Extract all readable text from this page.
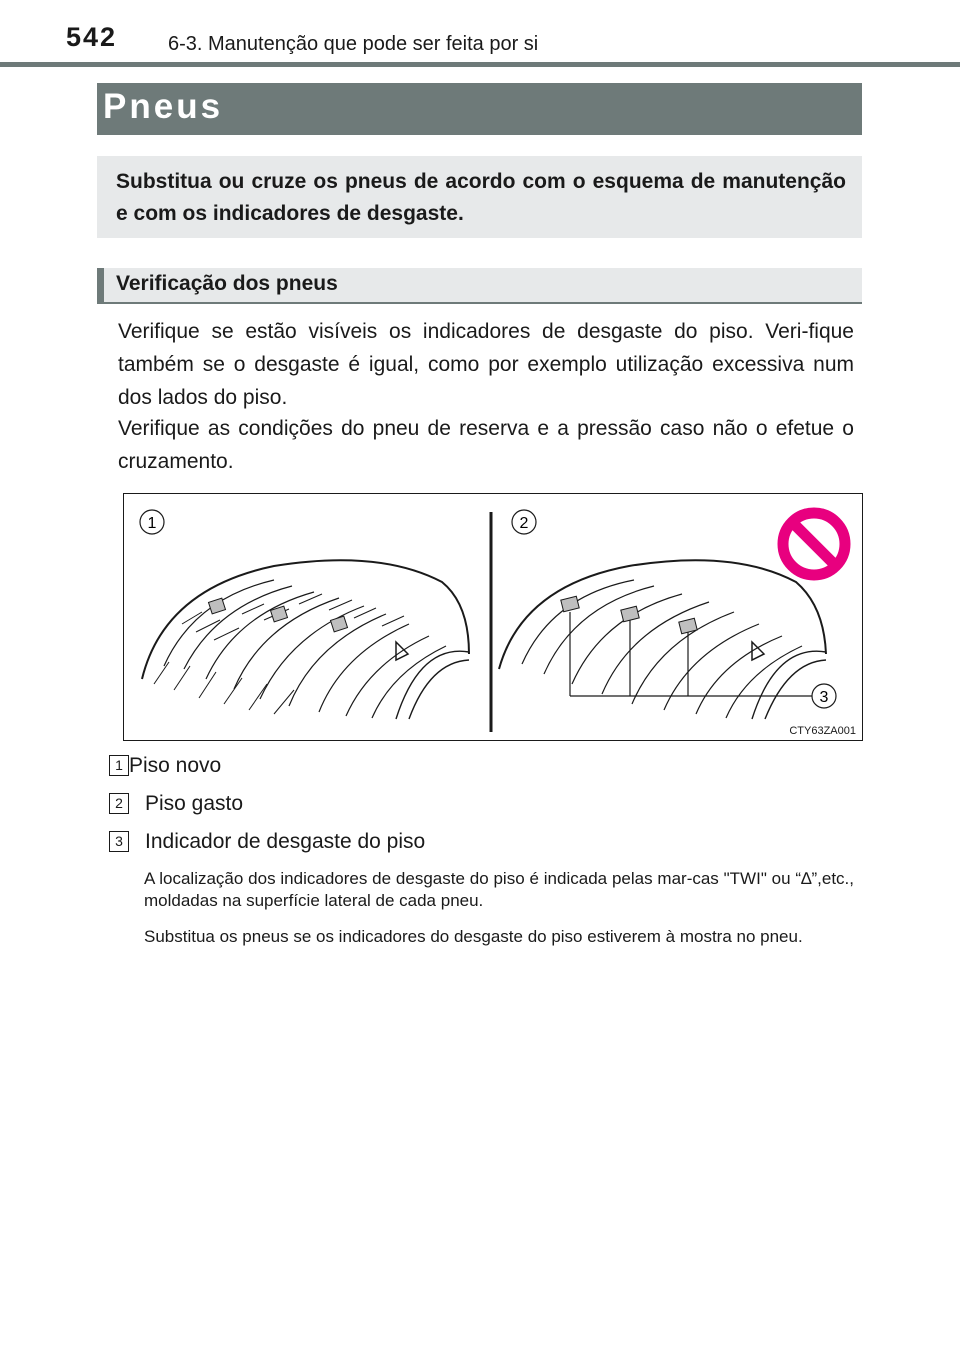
542	6-3. Manutenção que pode ser feita por si
Pneus
Substitua ou cruze os pneus de acordo com o esquema de manutenção e com os indicadores de desgaste.
Verificação dos pneus
Verifique se estão visíveis os indicadores de desgaste do piso. Veri-fique também se o desgaste é igual, como por exemplo utilização excessiva num dos lados do piso.
Verifique as condições do pneu de reserva e a pressão caso não o efetue o cruzamento.
1	2
3
CTY63ZA001
1 Piso novo
2 Piso gasto
3 Indicador de desgaste do piso
A localização dos indicadores de desgaste do piso é indicada pelas mar-cas "TWI" ou “∆”,etc., moldadas na superfície lateral de cada pneu.
Substitua os pneus se os indicadores do desgaste do piso estiverem à mostra no pneu.
